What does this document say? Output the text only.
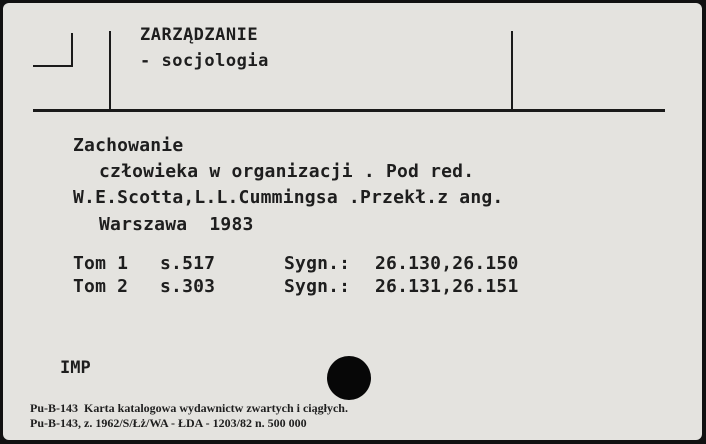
ZARZĄDZANIE
- socjologia
Zachowanie
człowieka w organizacji . Pod red.
W.E.Scotta,L.L.Cummingsa .Przekł.z ang.
Warszawa  1983
Tom 1 s.517	Sygn.: 26.130,26.150
Tom 2 s.303	Sygn.: 26.131,26.151
IMP
Pu-B-143  Karta katalogowa wydawnictw zwartych i ciągłych.
Pu-B-143, z. 1962/S/Łż/WA - ŁDA - 1203/82 n. 500 000
